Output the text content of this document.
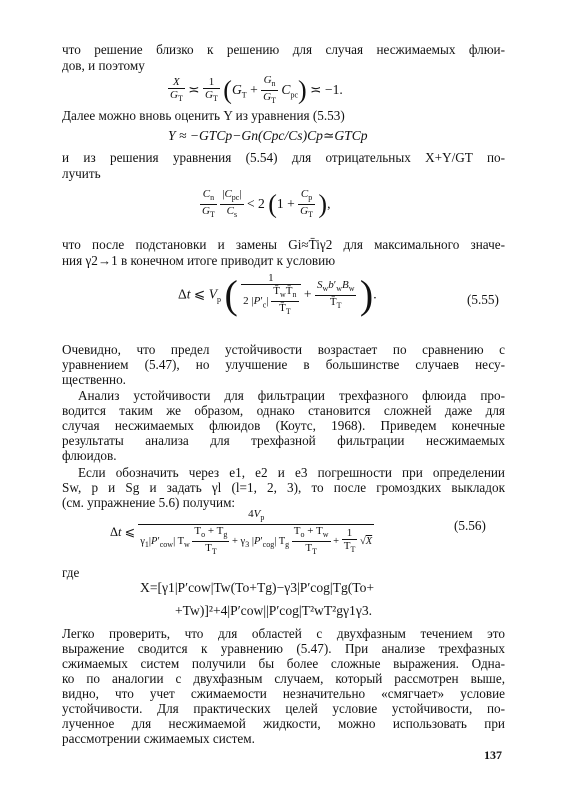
что решение близко к решению для случая несжимаемых флюи-
дов, и поэтому
$\frac{X}{G_T}$ ≍ $\frac{1}{G_T} (G_T + \frac{G_n}{G_T} C_{pc})$ ≍ −1.
Далее можно вновь оценить Y из уравнения (5.53)
Y ≈ −GTCp−Gn(Cpc/Cs)Cp≃GTCp
и из решения уравнения (5.54) для отрицательных X+Y/GT по-
лучить
$\frac{C_n}{G_T}$
$\frac{|C_{pc}|}{C_s} < 2$ ($1 + \frac{C_p}{G_T}$ ),
что после подстановки и замены Gi≈T̄iγ2 для максимального значе-
ния γ2→1 в конечном итоге приводит к условию
Δt ⩽ $V_p$ ( $\frac{1}{2 |P'_c| \frac{T̄_wT̄_n}{T̄_T}} + \frac{S_wb'_wB_w}{T̄_T}$ ).	(5.55)
Очевидно, что предел устойчивости возрастает по сравнению с
уравнением (5.47), но улучшение в большинстве случаев несу-
щественно.
Анализ устойчивости для фильтрации трехфазного флюида про-
водится таким же образом, однако становится сложней даже для
случая несжимаемых флюидов (Коутс, 1968). Приведем конечные
результаты анализа для трехфазной фильтрации несжимаемых
флюидов.
Если обозначить через e1, e2 и e3 погрешности при определении
Sw, p и Sg и задать γl (l=1, 2, 3), то после громоздких выкладок
(см. упражнение 5.6) получим:
Δt ⩽
$4V_p$
$\gamma_1|P'_{cow}|$ $T_w \frac{T_o + T_g}{T_T} + \gamma_3$ $|P'_{cog}|$ $T_g \frac{T_o + T_w}{T_T} + \frac{1}{T_T} √X$
(5.56)
где
X=[γ1|P′cow|Tw(To+Tg)−γ3|P′cog|Tg(To+
+Tw)]²+4|P′cow||P′cog|T²wT²gγ1γ3.
Легко проверить, что для областей с двухфазным течением это
выражение сводится к уравнению (5.47). При анализе трехфазных
сжимаемых систем получили бы более сложные выражения. Одна-
ко по аналогии с двухфазным случаем, который рассмотрен выше,
видно, что учет сжимаемости незначительно «смягчает» условие
устойчивости. Для практических целей условие устойчивости, по-
лученное для несжимаемой жидкости, можно использовать при
рассмотрении сжимаемых систем.
137
